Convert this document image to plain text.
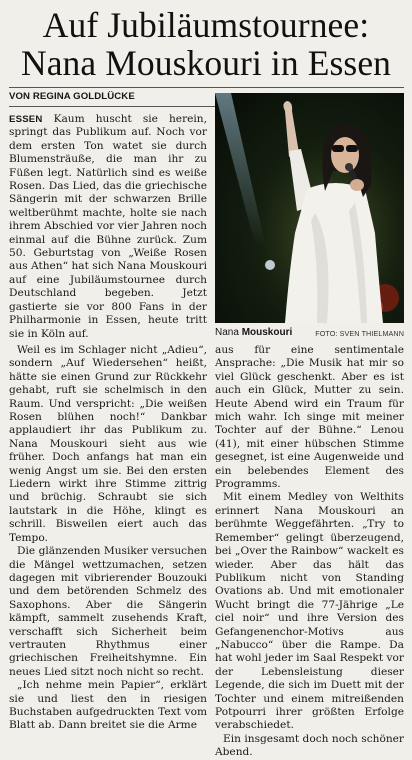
Auf Jubiläumstournee:
Nana Mouskouri in Essen
VON REGINA GOLDLÜCKE

ESSEN Kaum huscht sie herein, springt das Publikum auf. Noch vor dem ersten Ton watet sie durch Blumensträuße, die man ihr zu Füßen legt. Natürlich sind es weiße Rosen. Das Lied, das die griechische Sängerin mit der schwarzen Brille weltberühmt machte, holte sie nach ihrem Abschied vor vier Jahren noch einmal auf die Bühne zurück. Zum 50. Geburtstag von „Weiße Rosen aus Athen“ hat sich Nana Mouskouri auf eine Jubiläumstournee durch Deutschland begeben. Jetzt gastierte sie vor 800 Fans in der Philharmonie in Essen, heute tritt sie in Köln auf.	Nana Mouskouri	FOTO: SVEN THIELMANN

Weil es im Schlager nicht „Adieu“, sondern „Auf Wiedersehen“ heißt, hätte sie einen Grund zur Rückkehr gehabt, ruft sie schelmisch in den Raum. Und verspricht: „Die weißen Rosen blühen noch!“ Dankbar applaudiert ihr das Publikum zu. Nana Mouskouri sieht aus wie früher. Doch anfangs hat man ein wenig Angst um sie. Bei den ersten Liedern wirkt ihre Stimme zittrig und brüchig. Schraubt sie sich lautstark in die Höhe, klingt es schrill. Bisweilen eiert auch das Tempo.

Die glänzenden Musiker versuchen die Mängel wettzumachen, setzen dagegen mit vibrierender Bouzouki und dem betörenden Schmelz des Saxophons. Aber die Sängerin kämpft, sammelt zusehends Kraft, verschafft sich Sicherheit beim vertrauten Rhythmus einer griechischen Freiheitshymne. Ein neues Lied sitzt noch nicht so recht.

„Ich nehme mein Papier“, erklärt sie und liest den in riesigen Buchstaben aufgedruckten Text vom Blatt ab. Dann breitet sie die Arme

aus für eine sentimentale Ansprache: „Die Musik hat mir so viel Glück geschenkt. Aber es ist auch ein Glück, Mutter zu sein. Heute Abend wird ein Traum für mich wahr. Ich singe mit meiner Tochter auf der Bühne.“ Lenou (41), mit einer hübschen Stimme gesegnet, ist eine Augenweide und ein belebendes Element des Programms.

Mit einem Medley von Welthits erinnert Nana Mouskouri an berühmte Weggefährten. „Try to Remember“ gelingt überzeugend, bei „Over the Rainbow“ wackelt es wieder. Aber das hält das Publikum nicht von Standing Ovations ab. Und mit emotionaler Wucht bringt die 77-Jährige „Le ciel noir“ und ihre Version des Gefangenenchor-Motivs aus „Nabucco“ über die Rampe. Da hat wohl jeder im Saal Respekt vor der Lebensleistung dieser Legende, die sich im Duett mit der Tochter und einem mitreißenden Potpourri ihrer größten Erfolge verabschiedet.

Ein insgesamt doch noch schöner Abend.
